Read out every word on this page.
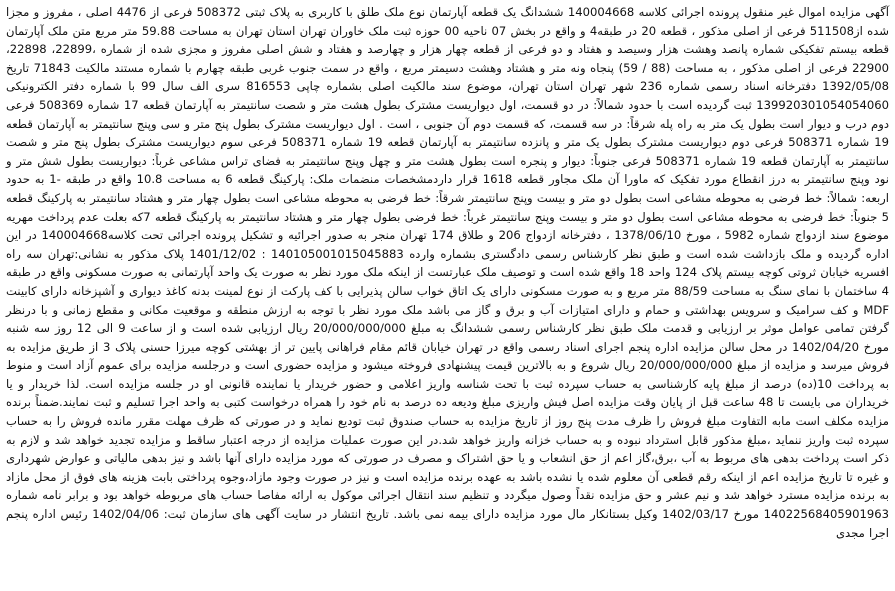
آگهی مزایده اموال غیر منقول پرونده اجرائی کلاسه 140004668 ششدانگ یک قطعه آپارتمان نوع ملک طلق با کاربری به پلاک ثبتی 508372 فرعی از 4476 اصلی ، مفروز و مجزا شده از511508 فرعی از اصلی مذکور ، قطعه 20 در طبقه4 و واقع در بخش 07 ناحیه 00 حوزه ثبت ملک خاوران تهران استان تهران به مساحت 59.88 متر مربع متن ملک آپارتمان قطعه بیستم تفکیکی شماره پانصد وهشت هزار وسیصد و هفتاد و دو فرعی از قطعه چهار هزار و چهارصد و هفتاد و شش اصلی مفروز و مجزی شده از شماره ،22899، 22898، 22900 فرعی از اصلی مذکور ، به مساحت (88 / 59) پنجاه ونه متر و هشتاد وهشت دسیمتر مربع ، واقع در سمت جنوب غربی طبقه چهارم با شماره مستند مالکیت 71843 تاریخ 1392/05/08 دفترخانه اسناد رسمی شماره 236 شهر تهران استان تهران، موضوع سند مالکیت اصلی بشماره چاپی 816553 سری الف سال 99 با شماره دفتر الکترونیکی 139920301054054060 ثبت گردیده است با حدود شمالاً: در دو قسمت، اول دیواریست مشترک بطول هشت متر و شصت سانتیمتر به آپارتمان قطعه 17 شماره 508369 فرعی دوم درب و دیوار است بطول یک متر به راه پله شرقاً: در سه قسمت، که قسمت دوم آن جنوبی ، است . اول دیواریست مشترک بطول پنج متر و سی وپنج سانتیمتر به آپارتمان قطعه 19 شماره 508371 فرعی دوم دیواریست مشترک بطول یک متر و پانزده سانتیمتر به آپارتمان قطعه 19 شماره 508371 فرعی سوم دیواریست مشترک بطول پنج متر و شصت سانتیمتر به آپارتمان قطعه 19 شماره 508371 فرعی جنوباً: دیوار و پنجره است بطول هشت متر و چهل وپنج سانتیمتر به فضای تراس مشاعی غرباً: دیواریست بطول شش متر و نود وپنج سانتیمتر به درز انقطاع مورد تفکیک که ماورا آن ملک مجاور قطعه 1618 قرار داردمشخصات منضمات ملک: پارکینگ قطعه 6 به مساحت 10.8 واقع در طبقه -1 به حدود اربعه: شمالاً: خط فرضی به محوطه مشاعی است بطول دو متر و بیست وپنج سانتیمتر شرقاً: خط فرضی به محوطه مشاعی است بطول چهار متر و هشتاد سانتیمتر به پارکینگ قطعه 5 جنوباً: خط فرضی به محوطه مشاعی است بطول دو متر و بیست وپنج سانتیمتر غرباً: خط فرضی بطول چهار متر و هشتاد سانتیمتر به پارکینگ قطعه 7که بعلت عدم پرداخت مهریه موضوع سند ازدواج شماره 5982 ، مورخ 1378/06/10 ، دفترخانه ازدواج 206 و طلاق 174 تهران منجر به صدور اجرائیه و تشکیل پرونده اجرائی تحت کلاسه140004668 در این اداره گردیده و ملک بازداشت شده است و طبق نظر کارشناس رسمی دادگستری بشماره وارده 140105001015045883 : 1401/12/02 پلاک مذکور به نشانی:تهران سه راه افسریه خیابان ثروتی کوچه بیستم پلاک 124 واحد 18 واقع شده است و توصیف ملک عبارتست از اینکه ملک مورد نظر به صورت یک واحد آپارتمانی به صورت مسکونی واقع در طبقه 4 ساختمان با نمای سنگ به مساحت 88/59 متر مربع و به صورت مسکونی دارای یک اتاق خواب سالن پذیرایی با کف پارکت از نوع لمینت بدنه کاغذ دیواری و آشپزخانه دارای کابینت MDF و کف سرامیک و سرویس بهداشتی و حمام و دارای امتیازات آب و برق و گاز می باشد ملک مورد نظر با توجه به ارزش منطقه و موقعیت مکانی و مقطع زمانی و با درنظر گرفتن تمامی عوامل موثر بر ارزیابی و قدمت ملک طبق نظر کارشناس رسمی ششدانگ به مبلغ 20/000/000/000 ریال ارزیابی شده است و از ساعت 9 الی 12 روز سه شنبه مورخ 1402/04/20 در محل سالن مزایده اداره پنجم اجرای اسناد رسمی واقع در تهران خیابان قائم مقام فراهانی پایین تر از بهشتی کوچه میرزا حسنی پلاک 3 از طریق مزایده به فروش میرسد و مزایده از مبلغ 20/000/000/000 ریال شروع و به بالاترین قیمت پیشنهادی فروخته میشود و مزایده حضوری است و درجلسه مزایده برای عموم آزاد است و منوط به پرداخت 10(ده) درصد از مبلغ پایه کارشناسی به حساب سپرده ثبت با تحت شناسه واریز اعلامی و حضور خریدار یا نماینده قانونی او در جلسه مزایده است. لذا خریدار و یا خریداران می بایست تا 48 ساعت قبل از پایان وقت مزایده اصل فیش واریزی مبلغ ودیعه ده درصد به نام خود را همراه درخواست کتبی به واحد اجرا تسلیم و ثبت نمایند.ضمناً برنده مزایده مکلف است مابه التفاوت مبلغ فروش را ظرف مدت پنج روز از تاریخ مزایده به حساب صندوق ثبت تودیع نماید و در صورتی که ظرف مهلت مقرر مانده فروش را به حساب سپرده ثبت واریز ننماید ،مبلغ مذکور قابل استرداد نبوده و به حساب خزانه واریز خواهد شد.در این صورت عملیات مزایده از درجه اعتبار ساقط و مزایده تجدید خواهد شد و لازم به ذکر است پرداخت بدهی های مربوط به آب ،برق،گاز اعم از حق انشعاب و یا حق اشتراک و مصرف در صورتی که مورد مزایده دارای آنها باشد و نیز بدهی مالیاتی و عوارض شهرداری و غیره تا تاریخ مزایده اعم از اینکه رقم قطعی آن معلوم شده یا نشده باشد به عهده برنده مزایده است و نیز در صورت وجود مازاد،وجوه پرداختی بابت هزینه های فوق از محل مازاد به برنده مزایده مسترد خواهد شد و نیم عشر و حق مزایده نقداً وصول میگردد و تنظیم سند انتقال اجرائی موکول به ارائه مفاصا حساب های مربوطه خواهد بود و برابر نامه شماره 14022568405901963 مورخ 1402/03/17 وکیل بستانکار مال مورد مزایده دارای بیمه نمی باشد. تاریخ انتشار در سایت آگهی های سازمان ثبت: 1402/04/06 رئیس اداره پنجم اجرا مجدی
